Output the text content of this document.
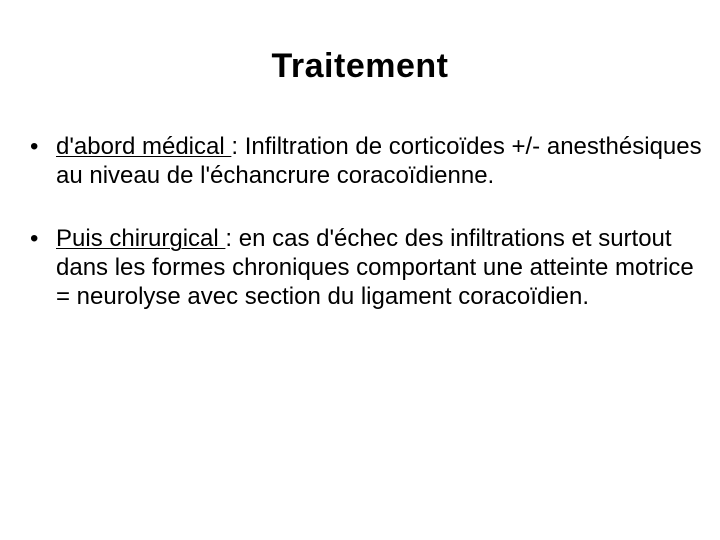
Traitement
• d'abord médical : Infiltration de corticoïdes +/- anesthésiques au niveau de l'échancrure coracoïdienne.
• Puis chirurgical : en cas d'échec des infiltrations et surtout dans les formes chroniques comportant une atteinte motrice
= neurolyse avec section du ligament coracoïdien.
